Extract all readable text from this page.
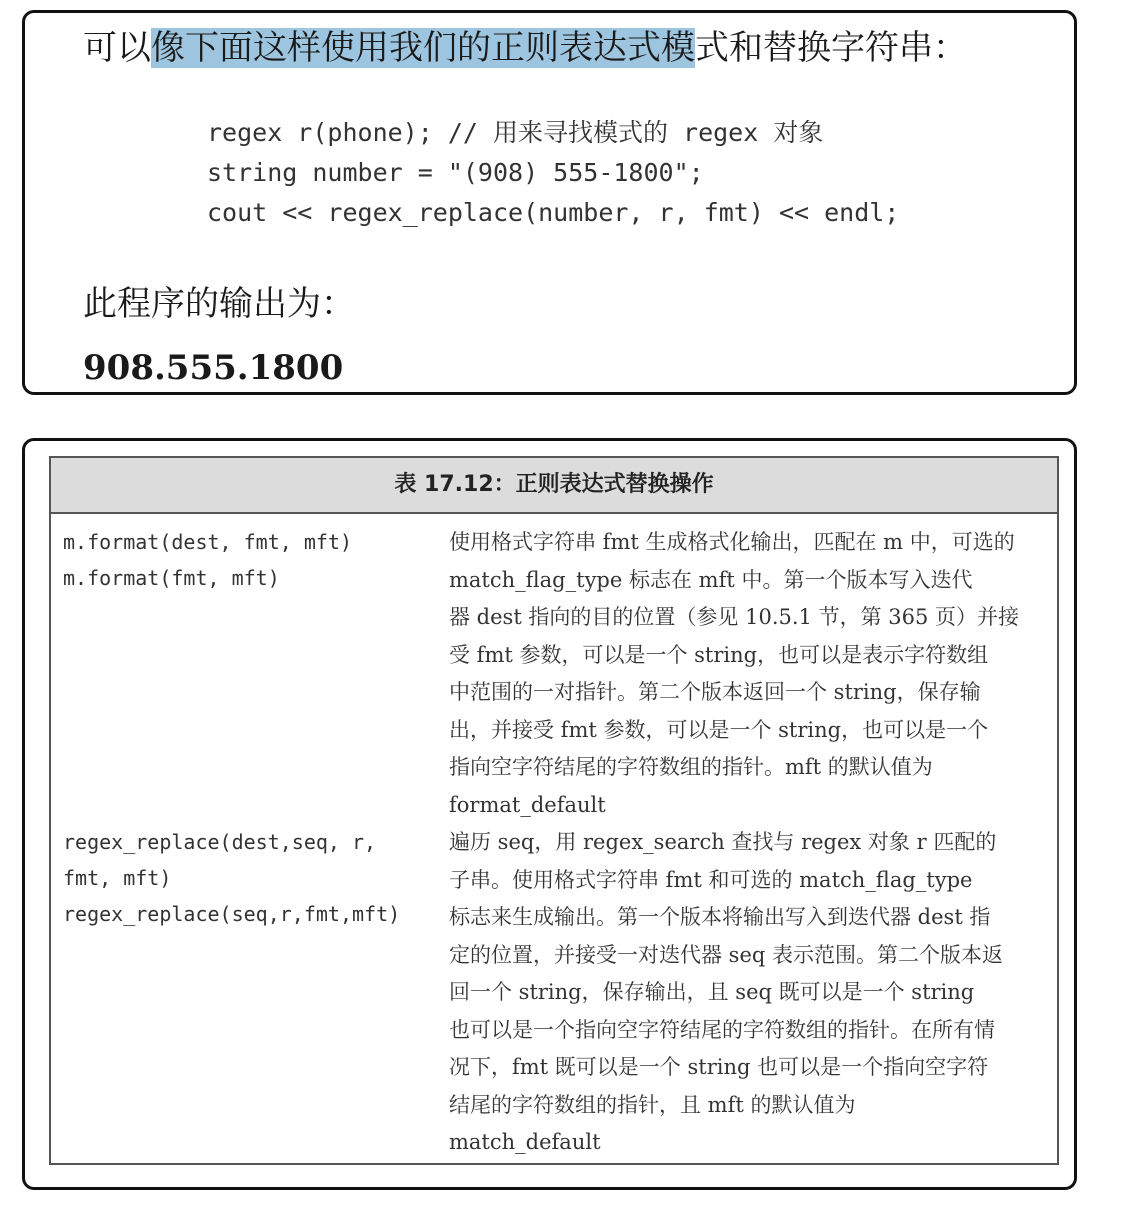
可以像下面这样使用我们的正则表达式模式和替换字符串：
regex r(phone); // 用来寻找模式的 regex 对象
string number = "(908) 555-1800";
cout << regex_replace(number, r, fmt) << endl;
此程序的输出为：
908.555.1800
表 17.12：正则表达式替换操作
m.format(dest, fmt, mft)
m.format(fmt, mft)
使用格式字符串 fmt 生成格式化输出，匹配在 m 中，可选的
match_flag_type 标志在 mft 中。第一个版本写入迭代
器 dest 指向的目的位置（参见 10.5.1 节，第 365 页）并接
受 fmt 参数，可以是一个 string，也可以是表示字符数组
中范围的一对指针。第二个版本返回一个 string，保存输
出，并接受 fmt 参数，可以是一个 string，也可以是一个
指向空字符结尾的字符数组的指针。mft 的默认值为
format_default
regex_replace(dest,seq, r,
fmt, mft)
regex_replace(seq,r,fmt,mft)
遍历 seq，用 regex_search 查找与 regex 对象 r 匹配的
子串。使用格式字符串 fmt 和可选的 match_flag_type
标志来生成输出。第一个版本将输出写入到迭代器 dest 指
定的位置，并接受一对迭代器 seq 表示范围。第二个版本返
回一个 string，保存输出，且 seq 既可以是一个 string
也可以是一个指向空字符结尾的字符数组的指针。在所有情
况下，fmt 既可以是一个 string 也可以是一个指向空字符
结尾的字符数组的指针，且 mft 的默认值为
match_default
